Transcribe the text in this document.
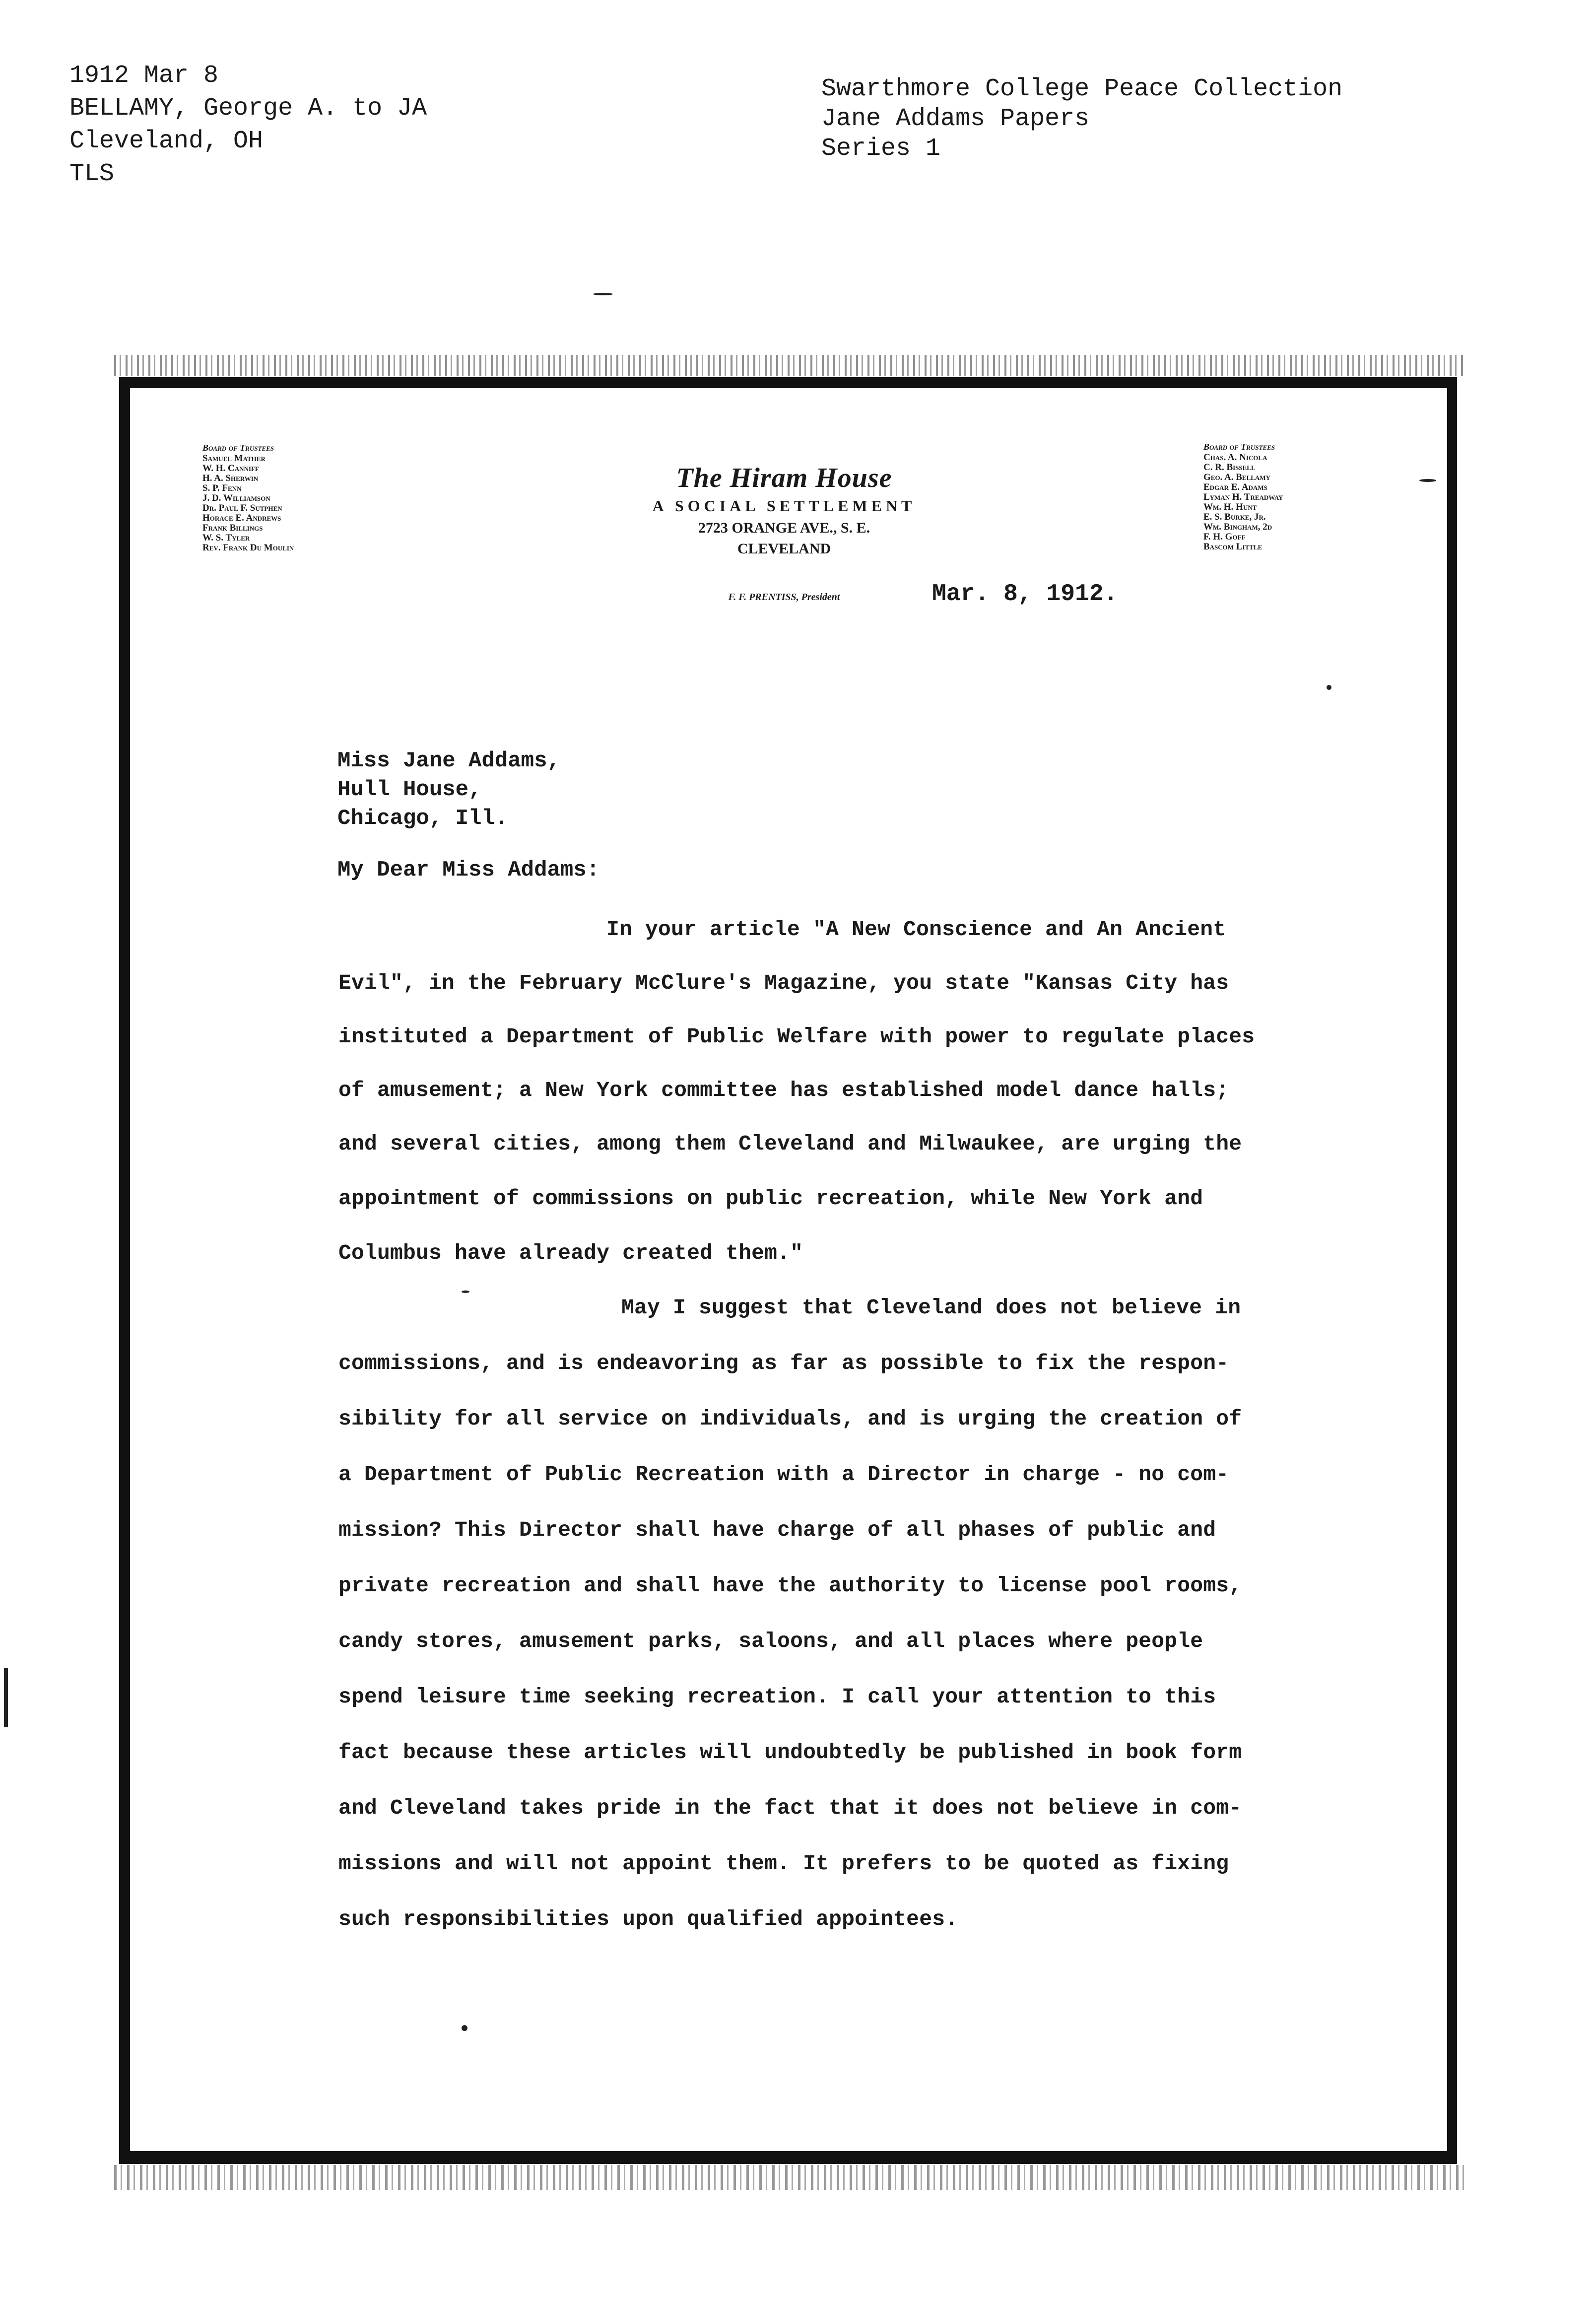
1912 Mar 8
BELLAMY, George A. to JA
Cleveland, OH
TLS
Swarthmore College Peace Collection
Jane Addams Papers
Series 1
Board of Trustees
Samuel Mather
W. H. Canniff
H. A. Sherwin
S. P. Fenn
J. D. Williamson
Dr. Paul F. Sutphen
Horace E. Andrews
Frank Billings
W. S. Tyler
Rev. Frank Du Moulin
The Hiram House
A SOCIAL SETTLEMENT
2723 ORANGE AVE., S. E.
CLEVELAND
F. F. PRENTISS, President
Board of Trustees
Chas. A. Nicola
C. R. Bissell
Geo. A. Bellamy
Edgar E. Adams
Lyman H. Treadway
Wm. H. Hunt
E. S. Burke, Jr.
Wm. Bingham, 2d
F. H. Goff
Bascom Little
Mar. 8, 1912.
Miss Jane Addams,
Hull House,
Chicago, Ill.
My Dear Miss Addams:
In your article "A New Conscience and An Ancient
Evil", in the February McClure's Magazine, you state "Kansas City has
instituted a Department of Public Welfare with power to regulate places
of amusement; a New York committee has established model dance halls;
and several cities, among them Cleveland and Milwaukee, are urging the
appointment of commissions on public recreation, while New York and
Columbus have already created them."
May I suggest that Cleveland does not believe in
commissions, and is endeavoring as far as possible to fix the respon-
sibility for all service on individuals, and is urging the creation of
a Department of Public Recreation with a Director in charge - no com-
mission? This Director shall have charge of all phases of public and
private recreation and shall have the authority to license pool rooms,
candy stores, amusement parks, saloons, and all places where people
spend leisure time seeking recreation. I call your attention to this
fact because these articles will undoubtedly be published in book form
and Cleveland takes pride in the fact that it does not believe in com-
missions and will not appoint them. It prefers to be quoted as fixing
such responsibilities upon qualified appointees.
